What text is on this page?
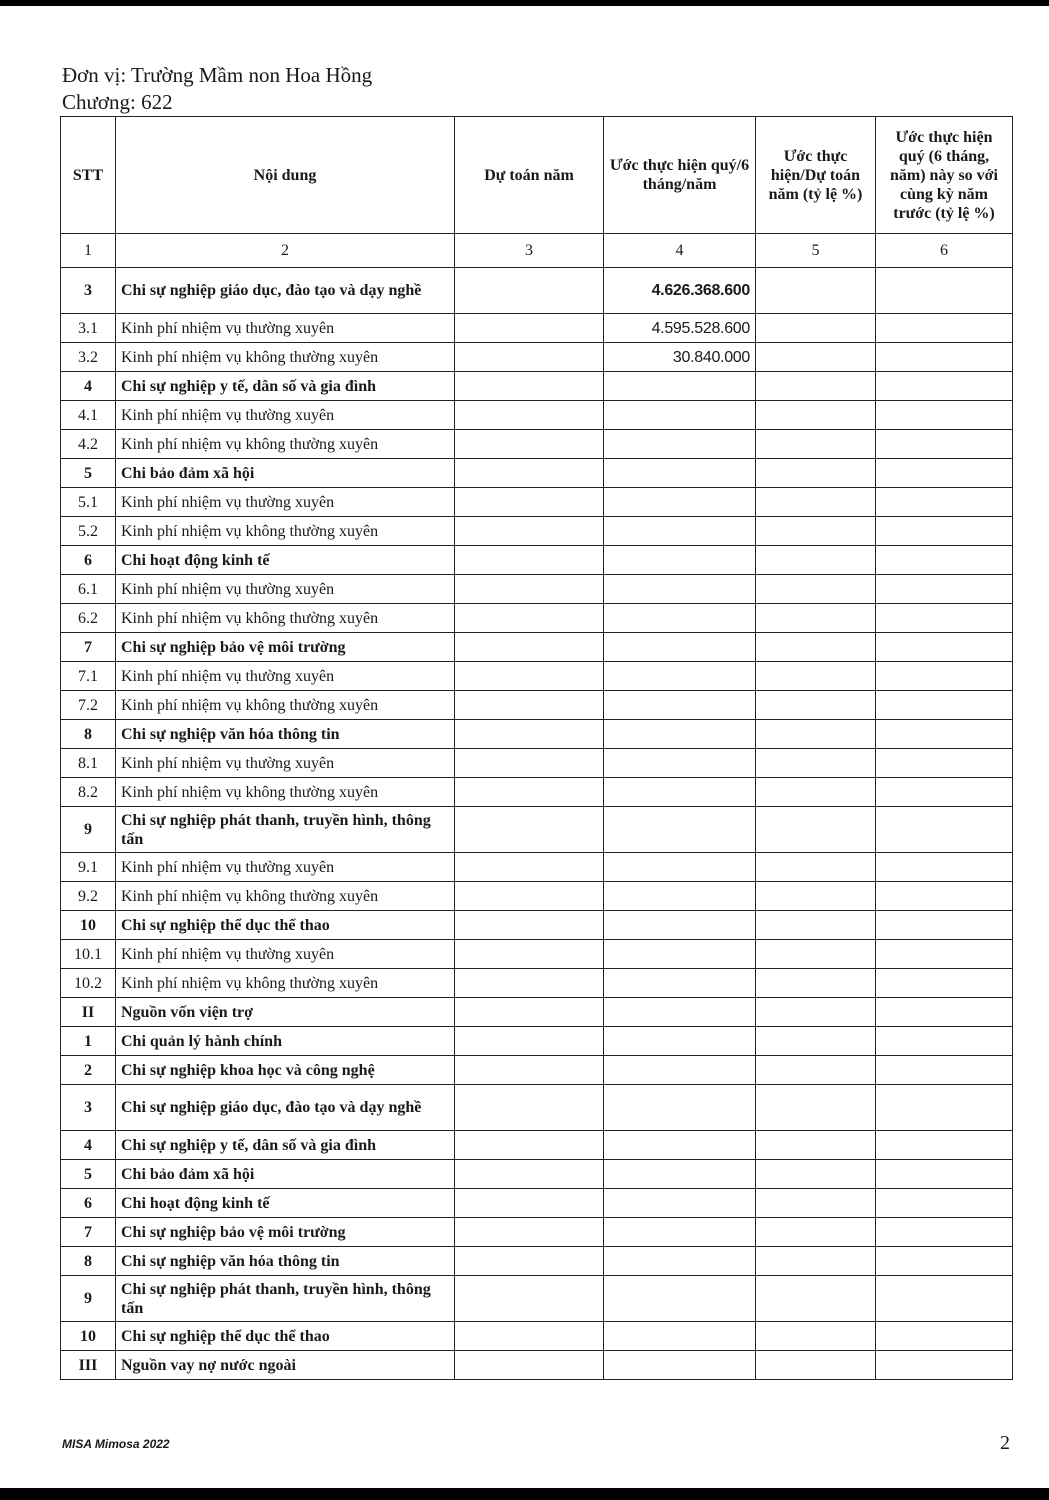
Đơn vị: Trường Mầm non Hoa Hồng
Chương: 622
STT	Nội dung	Dự toán năm	Ước thực hiện quý/6 tháng/năm	Ước thực hiện/Dự toán năm (tỷ lệ %)	Ước thực hiện quý (6 tháng, năm) này so với cùng kỳ năm trước (tỷ lệ %)
1	2	3	4	5	6
3	Chi sự nghiệp giáo dục, đào tạo và dạy nghề		4.626.368.600		
3.1	Kinh phí nhiệm vụ thường xuyên		4.595.528.600		
3.2	Kinh phí nhiệm vụ không thường xuyên		30.840.000		
4	Chi sự nghiệp y tế, dân số và gia đình				
4.1	Kinh phí nhiệm vụ thường xuyên				
4.2	Kinh phí nhiệm vụ không thường xuyên				
5	Chi bảo đảm xã hội				
5.1	Kinh phí nhiệm vụ thường xuyên				
5.2	Kinh phí nhiệm vụ không thường xuyên				
6	Chi hoạt động kinh tế				
6.1	Kinh phí nhiệm vụ thường xuyên				
6.2	Kinh phí nhiệm vụ không thường xuyên				
7	Chi sự nghiệp bảo vệ môi trường				
7.1	Kinh phí nhiệm vụ thường xuyên				
7.2	Kinh phí nhiệm vụ không thường xuyên				
8	Chi sự nghiệp văn hóa thông tin				
8.1	Kinh phí nhiệm vụ thường xuyên				
8.2	Kinh phí nhiệm vụ không thường xuyên				
9	Chi sự nghiệp phát thanh, truyền hình, thông tấn				
9.1	Kinh phí nhiệm vụ thường xuyên				
9.2	Kinh phí nhiệm vụ không thường xuyên				
10	Chi sự nghiệp thể dục thể thao				
10.1	Kinh phí nhiệm vụ thường xuyên				
10.2	Kinh phí nhiệm vụ không thường xuyên				
II	Nguồn vốn viện trợ				
1	Chi quản lý hành chính				
2	Chi sự nghiệp khoa học và công nghệ				
3	Chi sự nghiệp giáo dục, đào tạo và dạy nghề				
4	Chi sự nghiệp y tế, dân số và gia đình				
5	Chi bảo đảm xã hội				
6	Chi hoạt động kinh tế				
7	Chi sự nghiệp bảo vệ môi trường				
8	Chi sự nghiệp văn hóa thông tin				
9	Chi sự nghiệp phát thanh, truyền hình, thông tấn				
10	Chi sự nghiệp thể dục thể thao				
III	Nguồn vay nợ nước ngoài				
MISA Mimosa 2022	2
